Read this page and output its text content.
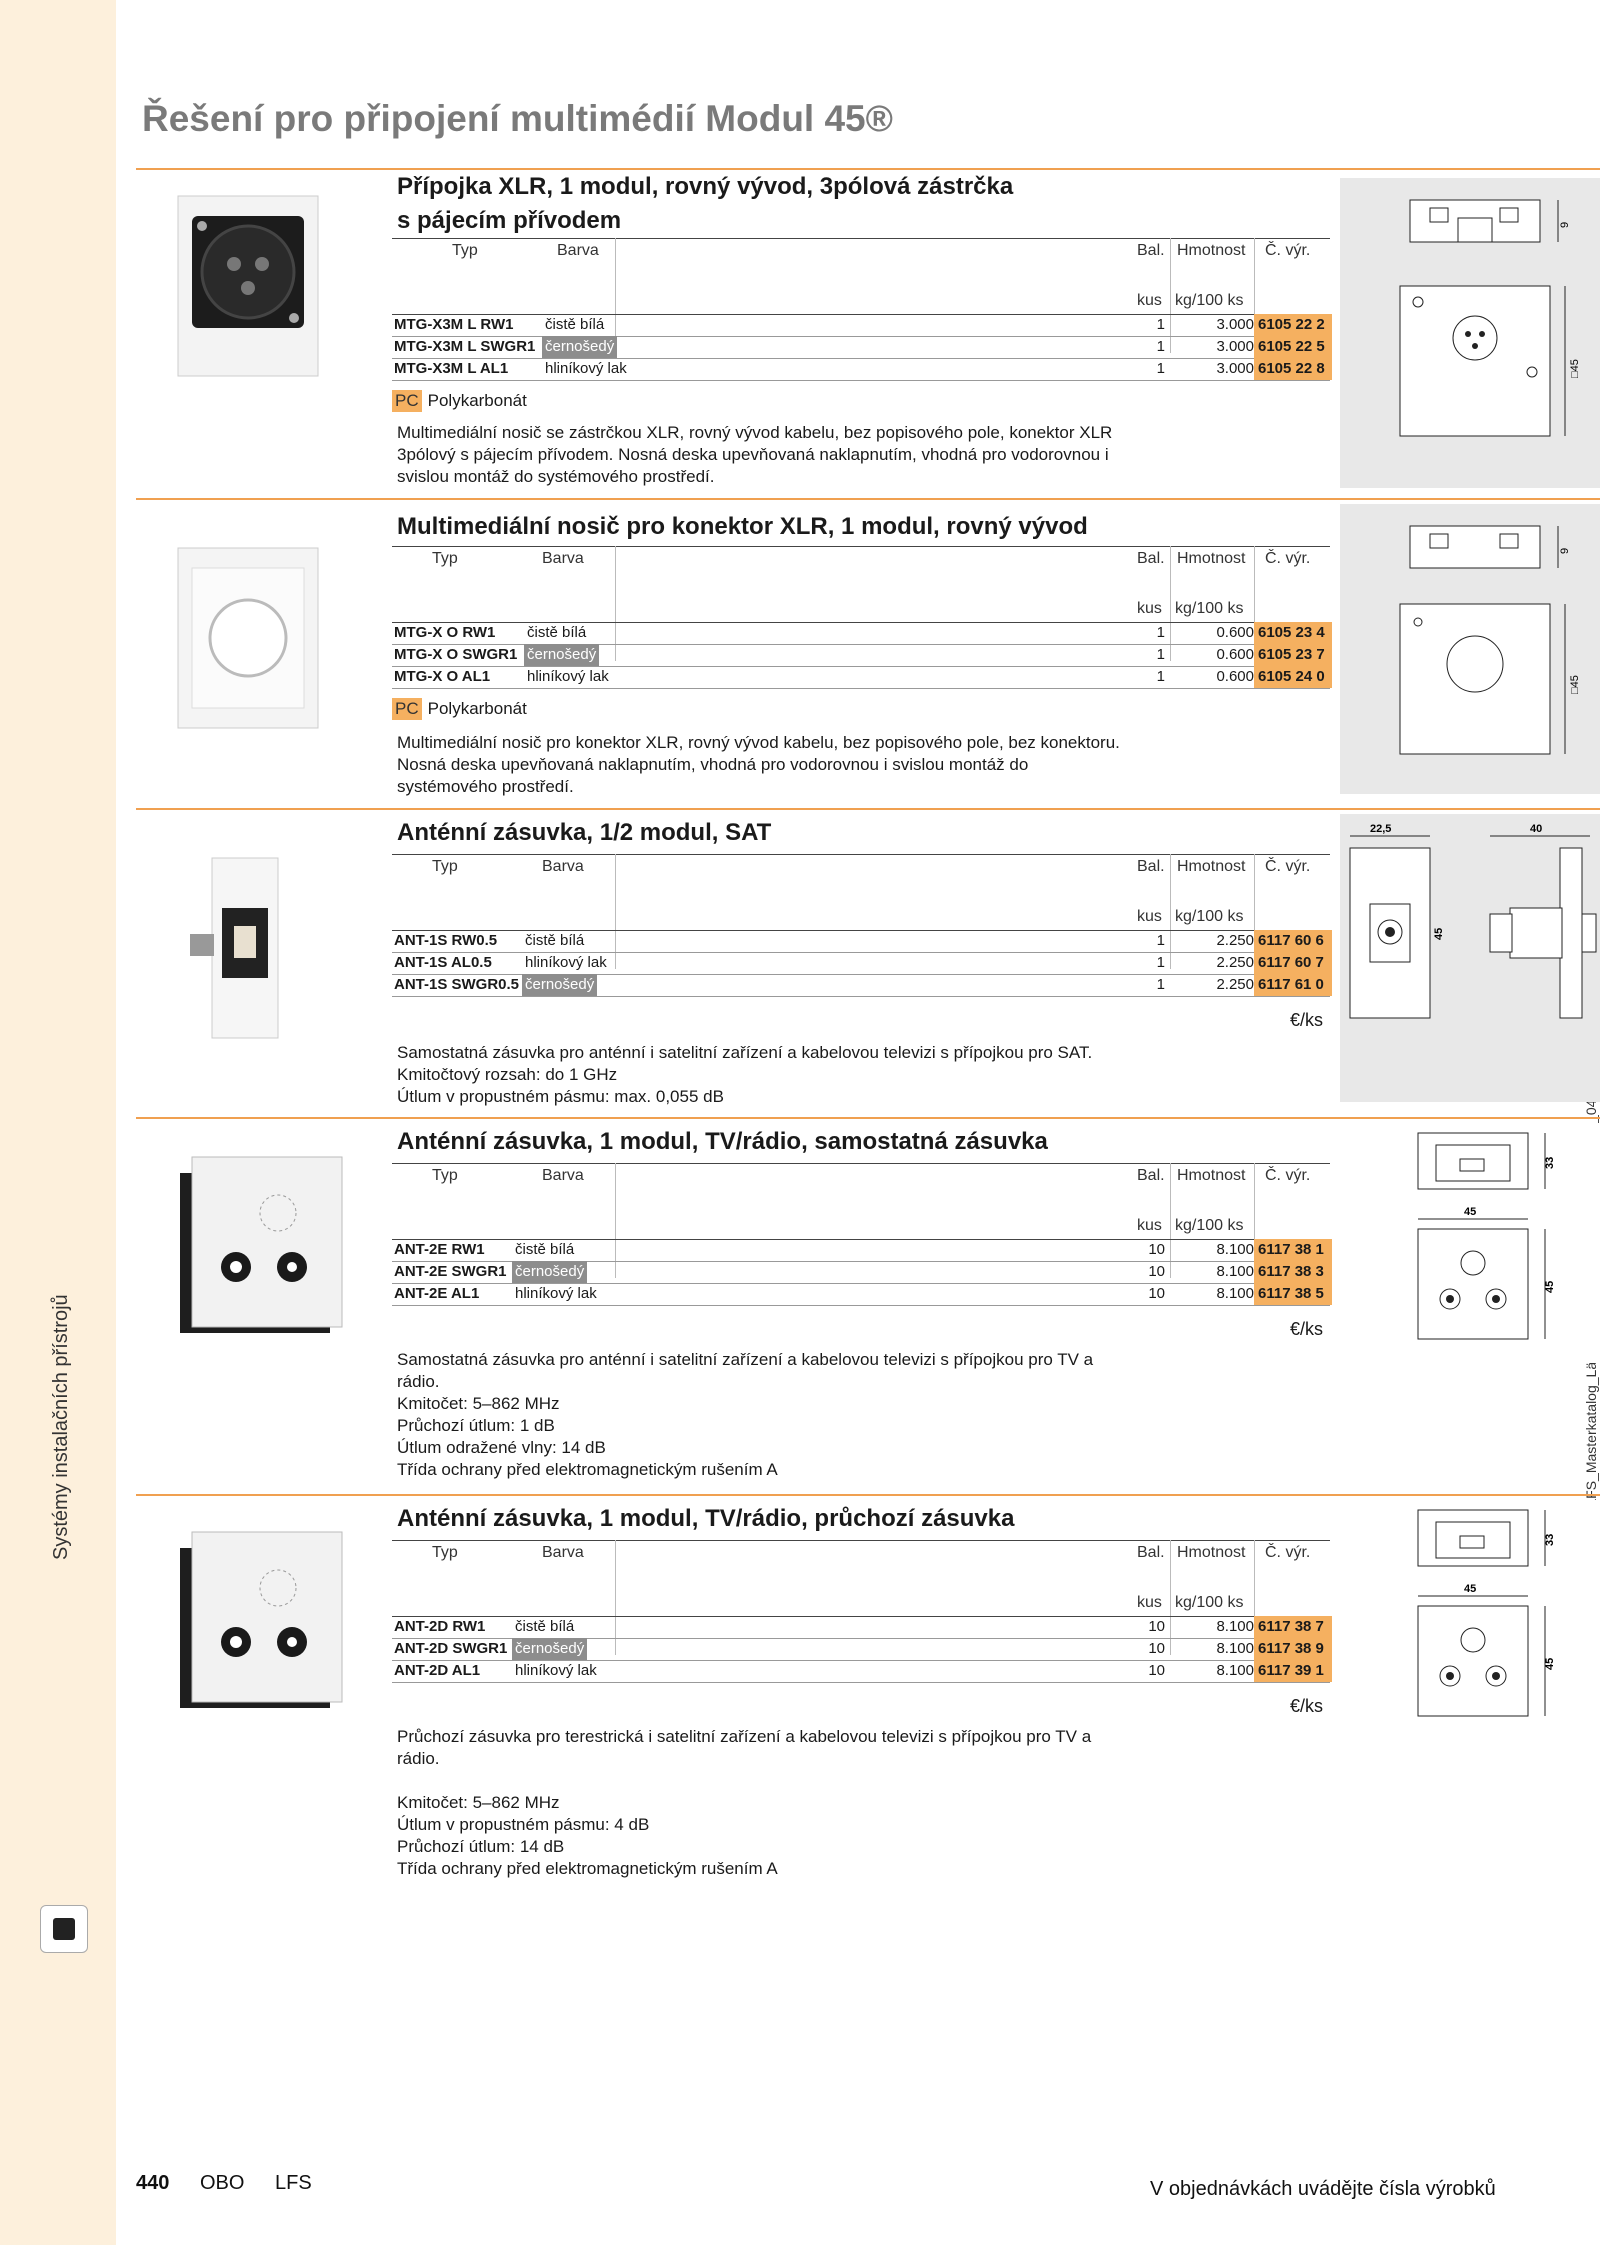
Systémy instalačních přístrojů
Řešení pro připojení multimédií Modul 45®
Přípojka XLR, 1 modul, rovný vývod, 3pólová zástrčka
s pájecím přívodem
Typ	Barva	Bal. Hmotnost Č. výr.
kus kg/100 ks
MTG-X3M L RW1 čistě bílá	1	3.000 6105 22 2
MTG-X3M L SWGR1 černošedý	1	3.000 6105 22 5
MTG-X3M L AL1 hliníkový lak	1	3.000 6105 22 8
PC Polykarbonát

Multimediální nosič se zástrčkou XLR, rovný vývod kabelu, bez popisového pole, konektor XLR

3pólový s pájecím přívodem. Nosná deska upevňovaná naklapnutím, vhodná pro vodorovnou i

svislou montáž do systémového prostředí.

9
□45
Multimediální nosič pro konektor XLR, 1 modul, rovný vývod
Typ	Barva	Bal. Hmotnost Č. výr.
kus kg/100 ks
MTG-X O RW1 čistě bílá	1	0.600 6105 23 4
MTG-X O SWGR1 černošedý	1	0.600 6105 23 7
MTG-X O AL1 hliníkový lak	1	0.600 6105 24 0
PC Polykarbonát

Multimediální nosič pro konektor XLR, rovný vývod kabelu, bez popisového pole, bez konektoru.

Nosná deska upevňovaná naklapnutím, vhodná pro vodorovnou i svislou montáž do

systémového prostředí.

9
□45
Anténní zásuvka, 1/2 modul, SAT
Typ	Barva	Bal. Hmotnost Č. výr.
kus kg/100 ks
ANT-1S RW0.5 čistě bílá	1	2.250 6117 60 6
ANT-1S AL0.5 hliníkový lak	1	2.250 6117 60 7
ANT-1S SWGR0.5 černošedý	1	2.250 6117 61 0
€/ks

Samostatná zásuvka pro anténní i satelitní zařízení a kabelovou televizi s přípojkou pro SAT.

Kmitočtový rozsah: do 1 GHz

Útlum v propustném pásmu: max. 0,055 dB

22,5	40
45
Anténní zásuvka, 1 modul, TV/rádio, samostatná zásuvka
Typ	Barva	Bal. Hmotnost Č. výr.
kus kg/100 ks
ANT-2E RW1 čistě bílá	10	8.100 6117 38 1
ANT-2E SWGR1 černošedý	10	8.100 6117 38 3
ANT-2E AL1 hliníkový lak	10	8.100 6117 38 5
€/ks

Samostatná zásuvka pro anténní i satelitní zařízení a kabelovou televizi s přípojkou pro TV a

rádio.

Kmitočet: 5–862 MHz

Průchozí útlum: 1 dB

Útlum odražené vlny: 14 dB

Třída ochrany před elektromagnetickým rušením A

33
45
45
Anténní zásuvka, 1 modul, TV/rádio, průchozí zásuvka
Typ	Barva	Bal. Hmotnost Č. výr.
kus kg/100 ks
ANT-2D RW1 čistě bílá	10	8.100 6117 38 7
ANT-2D SWGR1 černošedý	10	8.100 6117 38 9
ANT-2D AL1 hliníkový lak	10	8.100 6117 39 1
€/ks

Průchozí zásuvka pro terestrická i satelitní zařízení a kabelovou televizi s přípojkou pro TV a

rádio.

Kmitočet: 5–862 MHz

Útlum v propustném pásmu: 4 dB

Průchozí útlum: 14 dB

Třída ochrany před elektromagnetickým rušením A

33
45
45
440 OBO LFS	V objednávkách uvádějte čísla výrobků
